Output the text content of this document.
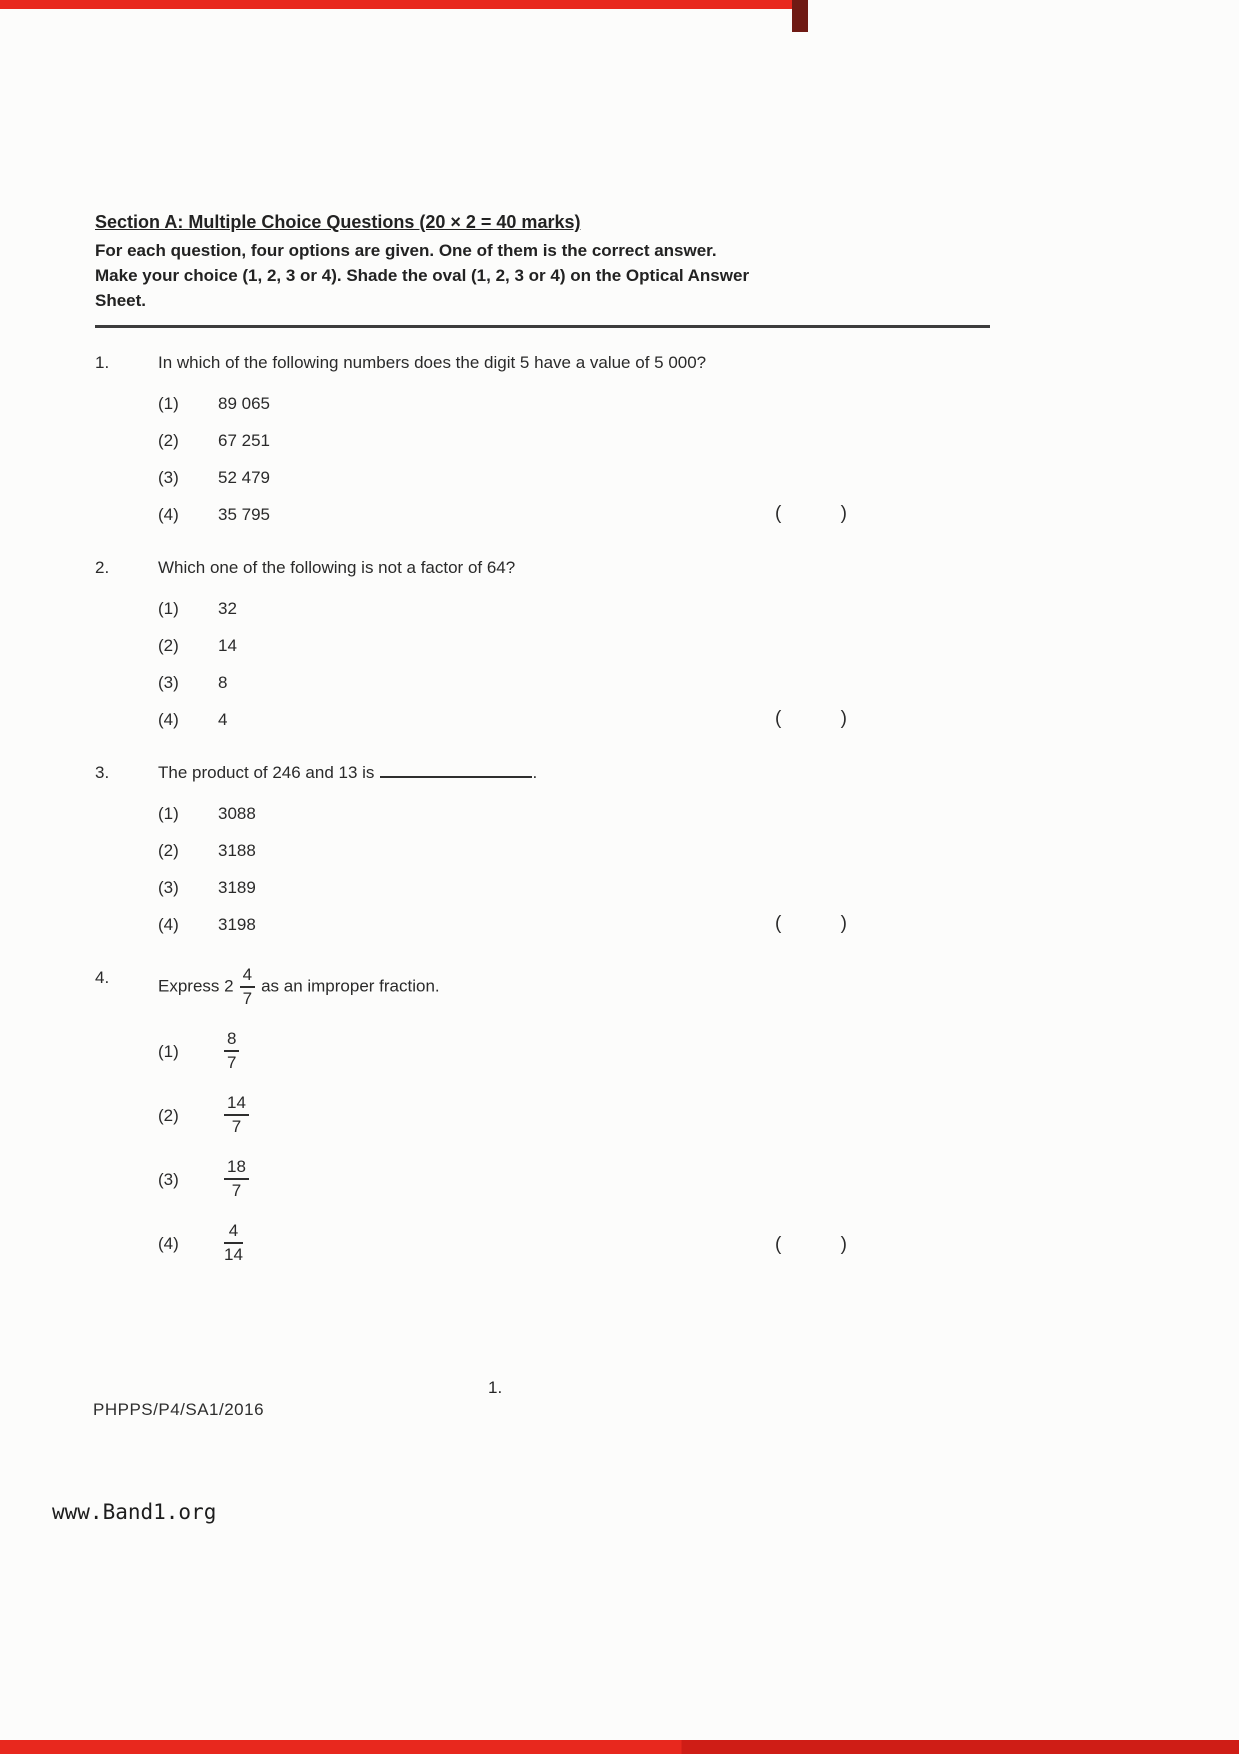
Section A: Multiple Choice Questions (20 × 2 = 40 marks)
For each question, four options are given. One of them is the correct answer.
Make your choice (1, 2, 3 or 4). Shade the oval (1, 2, 3 or 4) on the Optical Answer
Sheet.
1.	In which of the following numbers does the digit 5 have a value of 5 000?
(1)	89 065
(2)	67 251
(3)	52 479
(4)	35 795	(	)
2.	Which one of the following is not a factor of 64?
(1)	32
(2)	14
(3)	8
(4)	4	(	)
3.	The product of 246 and 13 is	.
(1)	3088
(2)	3188
(3)	3189
(4)	3198	(	)
4.	Express $2 \frac{4}{7}$ as an improper fraction.
(1)	$\frac{8}{7}$
(2)	$\frac{14}{7}$
(3)	$\frac{18}{7}$
(4)	$\frac{4}{14}$	(	)
1.
PHPPS/P4/SA1/2016
www.Band1.org
